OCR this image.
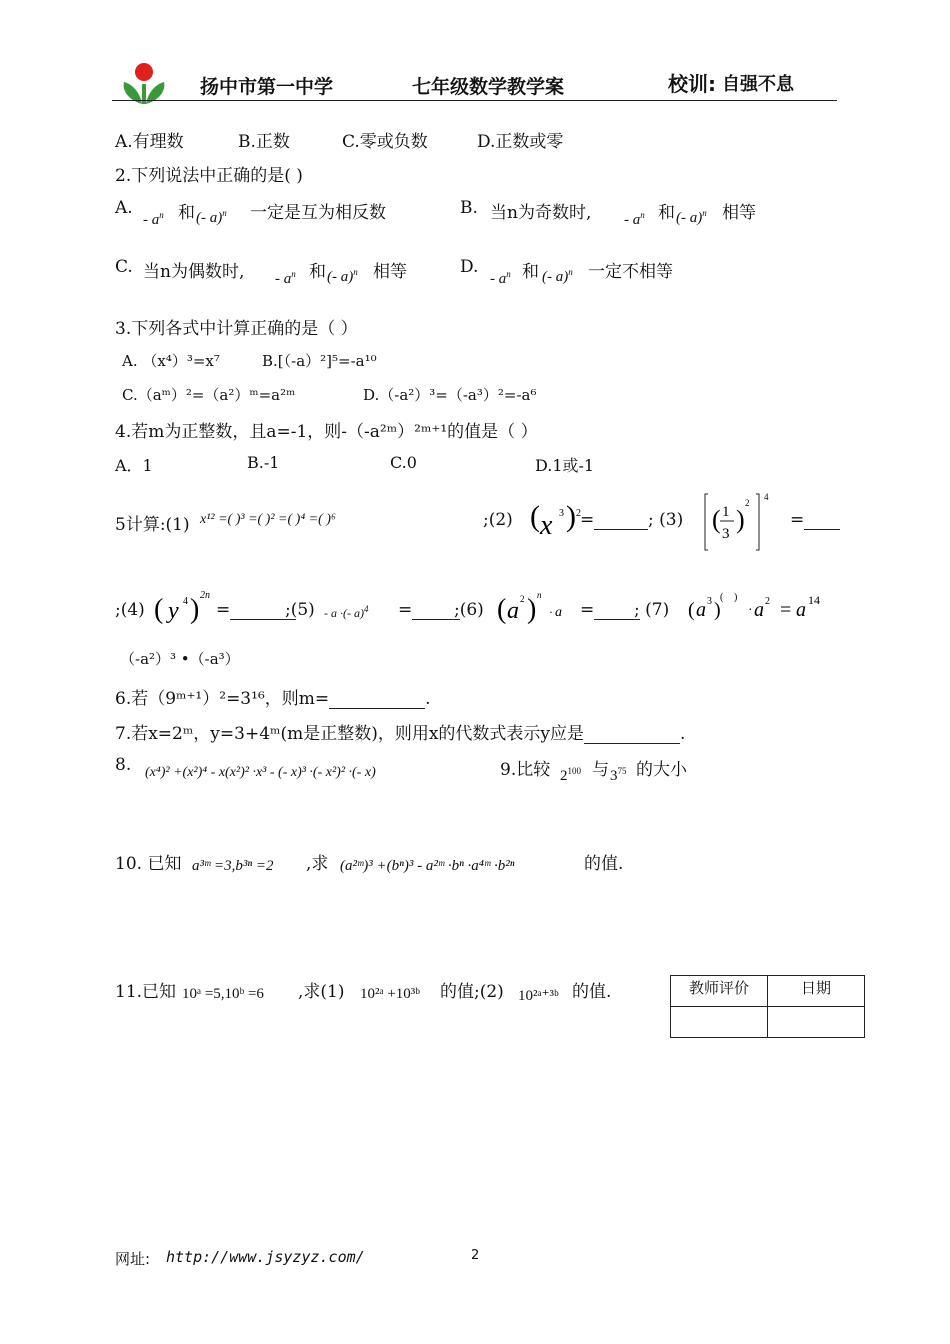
扬中市第一中学	七年级数学教学案	校训: 自强不息
A.有理数	B.正数	C.零或负数	D.正数或零
2.下列说法中正确的是( )
A.
- $a^n$ 和 (- a)$^n$ 一定是互为相反数	B. 当n为奇数时, - $a^n$ 和 (- a)$^n$ 相等
C. 当n为偶数时, - $a^n$ 和 (- a)$^n$ 相等	D.
- $a^n$ 和 (- a)$^n$ 一定不相等
3.下列各式中计算正确的是（ ）
A. （x⁴）³=x⁷	B.[（-a）²]⁵=-a¹⁰
C.（aᵐ）²=（a²）ᵐ=a²ᵐ	D.（-a²）³=（-a³）²=-a⁶
4.若m为正整数，且a=-1，则-（-a²ᵐ）²ᵐ⁺¹的值是（ ）
A．1	B.-1	C.0	D.1或-1
5计算:(1) x¹² =( )³ =( )² =( )⁴ =( )⁶	;(2) ( x 3 ) 2 =	; (3) ( 1
3 )
2
4
=
;(4) ( y 4 ) 2n
=	;(5) - a ·(- a)$^4$ =	;(6) ( a 2 ) n
· a =	; (7) ( a 3 )
( )
· a 2 = a 14
（-a²）³ •（-a³）
6.若（9ᵐ⁺¹）²=3¹⁶，则m=	.
7.若x=2ᵐ，y=3+4ᵐ(m是正整数)，则用x的代数式表示y应是	.
8. (x⁴)² +(x²)⁴ - x(x²)² ·x³ - (- x)³ ·(- x²)² ·(- x)	9.比较 $2^{100}$ 与 $3^{75}$ 的大小
10. 已知 a³ᵐ =3,b³ⁿ =2 ,求 (a²ᵐ)³ +(bⁿ)³ - a²ᵐ ·bⁿ ·a⁴ᵐ ·b²ⁿ	的值.
11.已知 10ᵃ =5,10ᵇ =6 ,求(1) 10²ᵃ +10³ᵇ 的值;(2) 10²ᵃ⁺³ᵇ 的值.	教师评价	日期

网址: http://www.jsyzyz.com/	2
